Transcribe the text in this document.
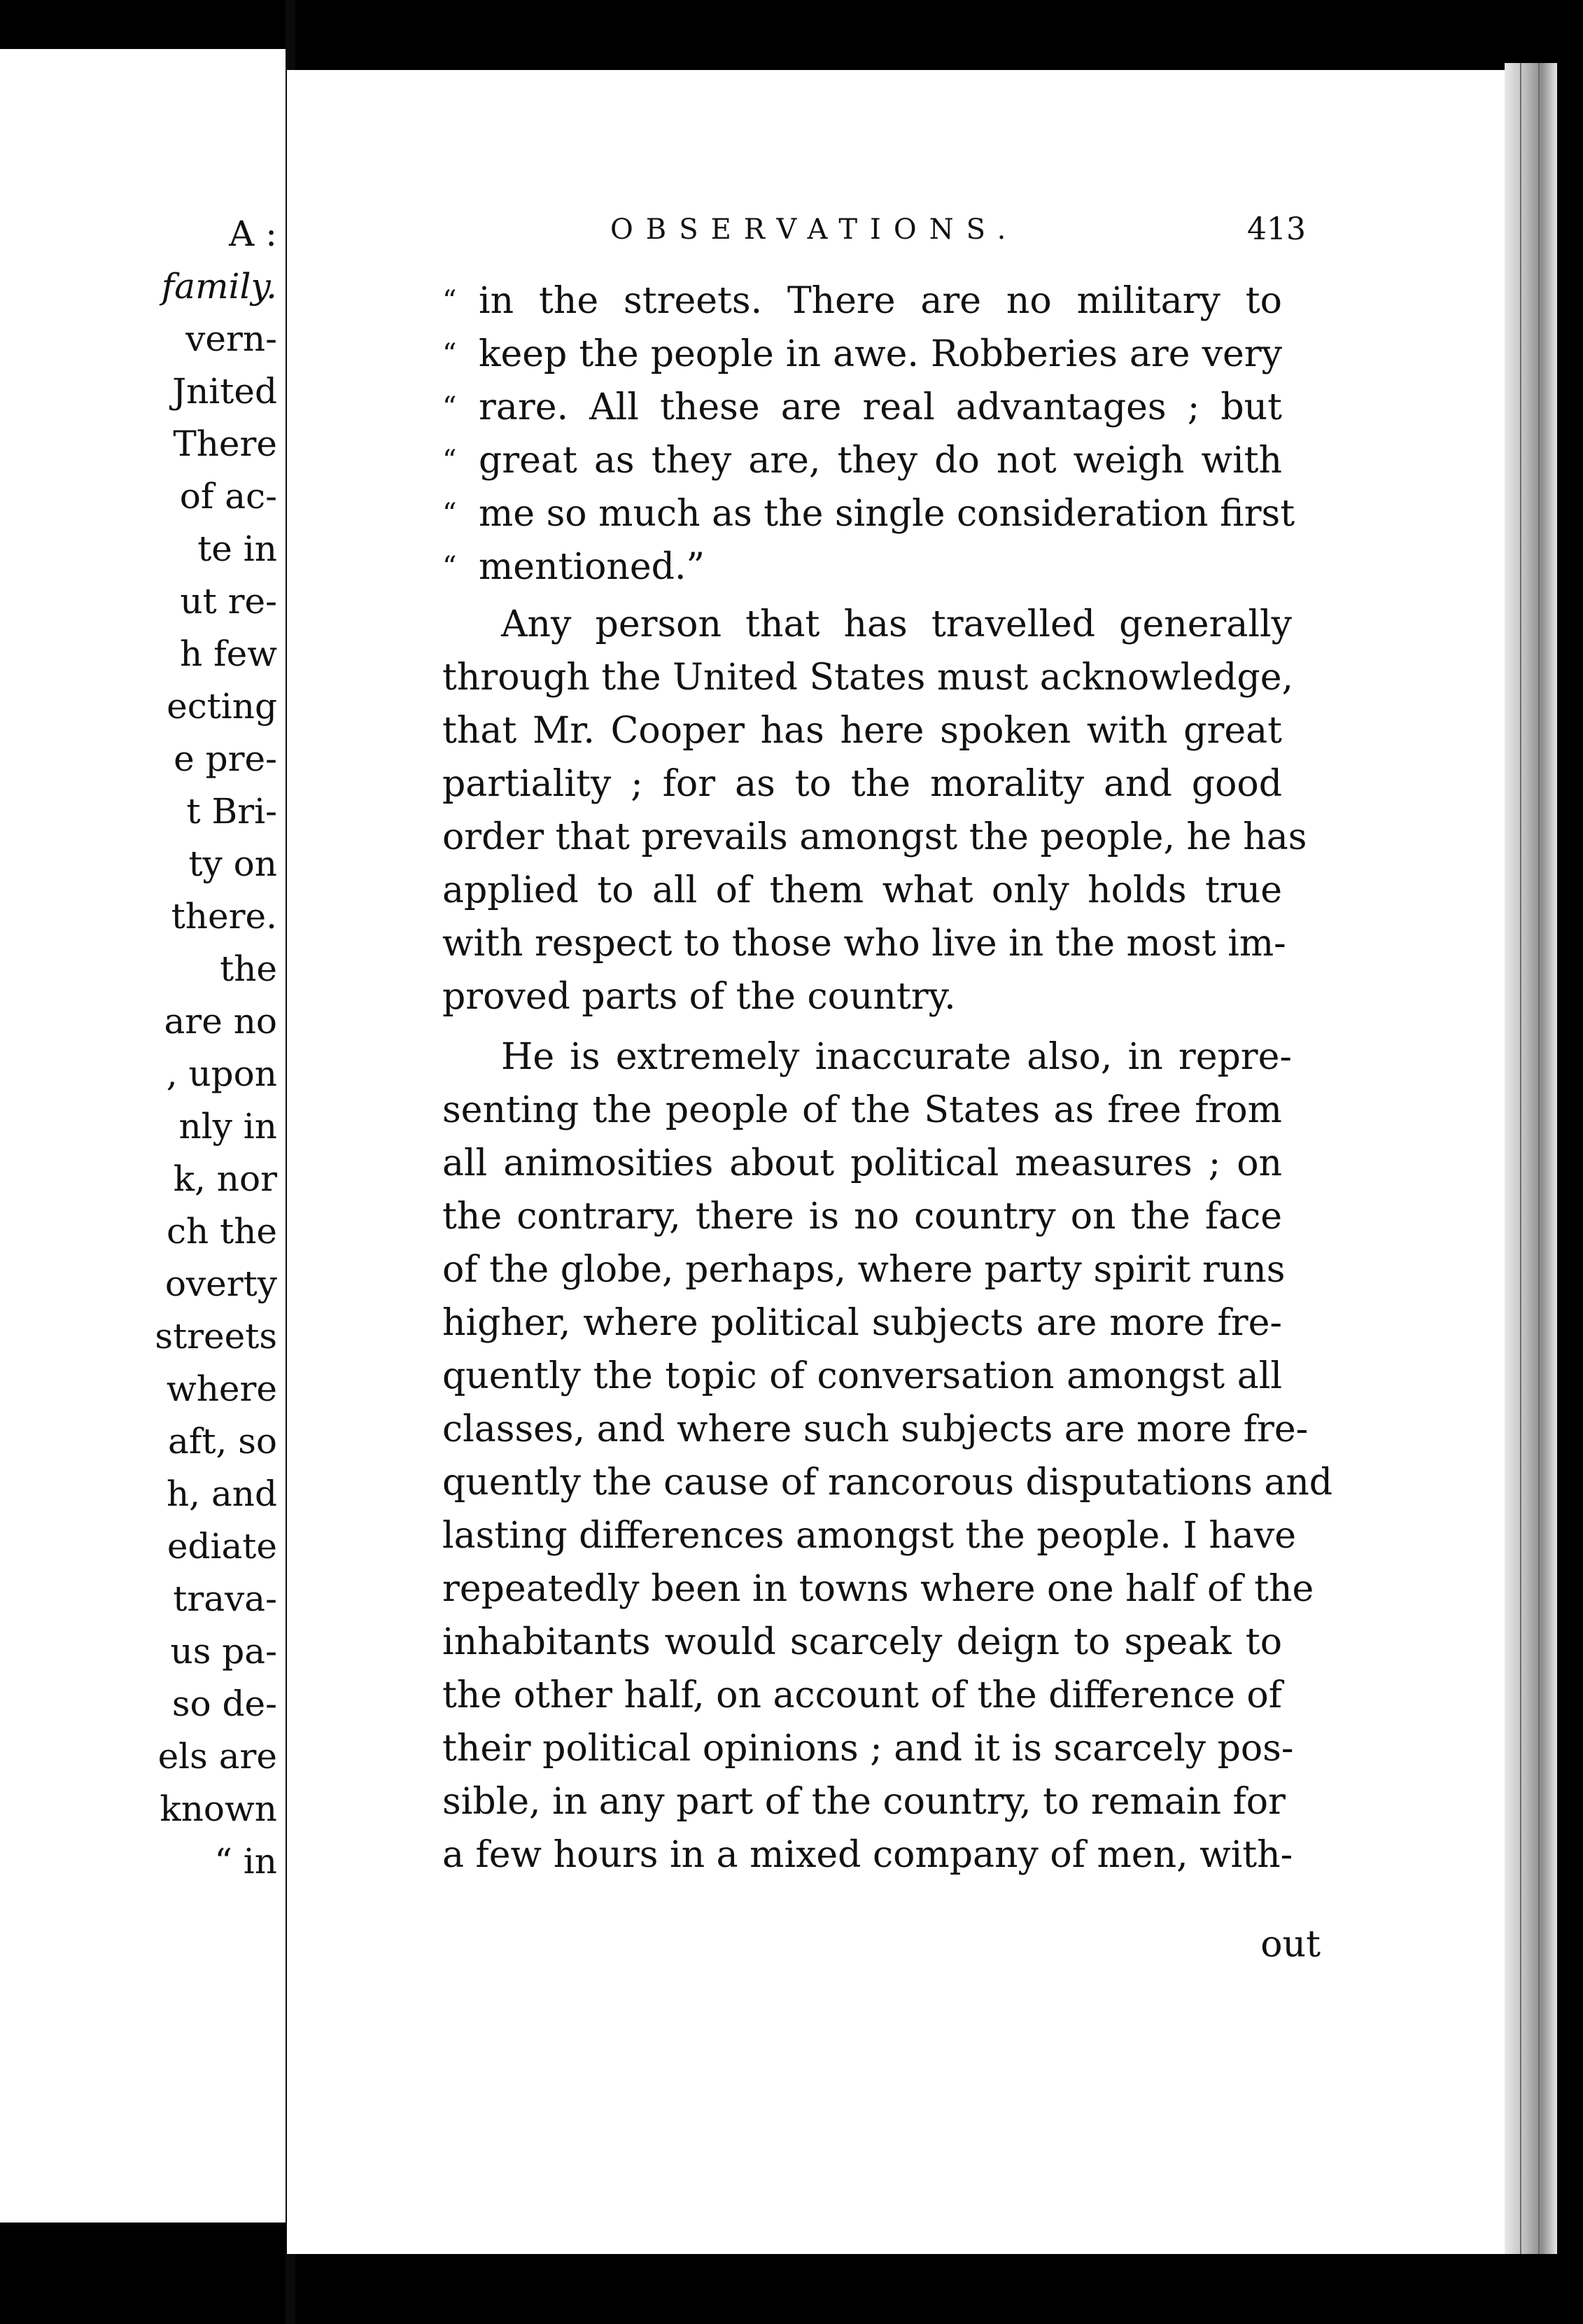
A :
family.
vern-
Jnited
There
of ac-
te in
ut re-
h few
ecting
e pre-
t Bri-
ty on
there.
the
are no
, upon
nly in
k, nor
ch the
overty
streets
where
aft, so
h, and
ediate
trava-
us pa-
so de-
els are
known
“ in
OBSERVATIONS.	413
“ in the streets. There are no military to
“ keep the people in awe. Robberies are very
“ rare. All these are real advantages ; but
“ great as they are, they do not weigh with
“ me so much as the single consideration first
“ mentioned.”
Any person that has travelled generally
through the United States must acknowledge,
that Mr. Cooper has here spoken with great
partiality ; for as to the morality and good
order that prevails amongst the people, he has
applied to all of them what only holds true
with respect to those who live in the most im-
proved parts of the country.
He is extremely inaccurate also, in repre-
senting the people of the States as free from
all animosities about political measures ; on
the contrary, there is no country on the face
of the globe, perhaps, where party spirit runs
higher, where political subjects are more fre-
quently the topic of conversation amongst all
classes, and where such subjects are more fre-
quently the cause of rancorous disputations and
lasting differences amongst the people. I have
repeatedly been in towns where one half of the
inhabitants would scarcely deign to speak to
the other half, on account of the difference of
their political opinions ; and it is scarcely pos-
sible, in any part of the country, to remain for
a few hours in a mixed company of men, with-
out
